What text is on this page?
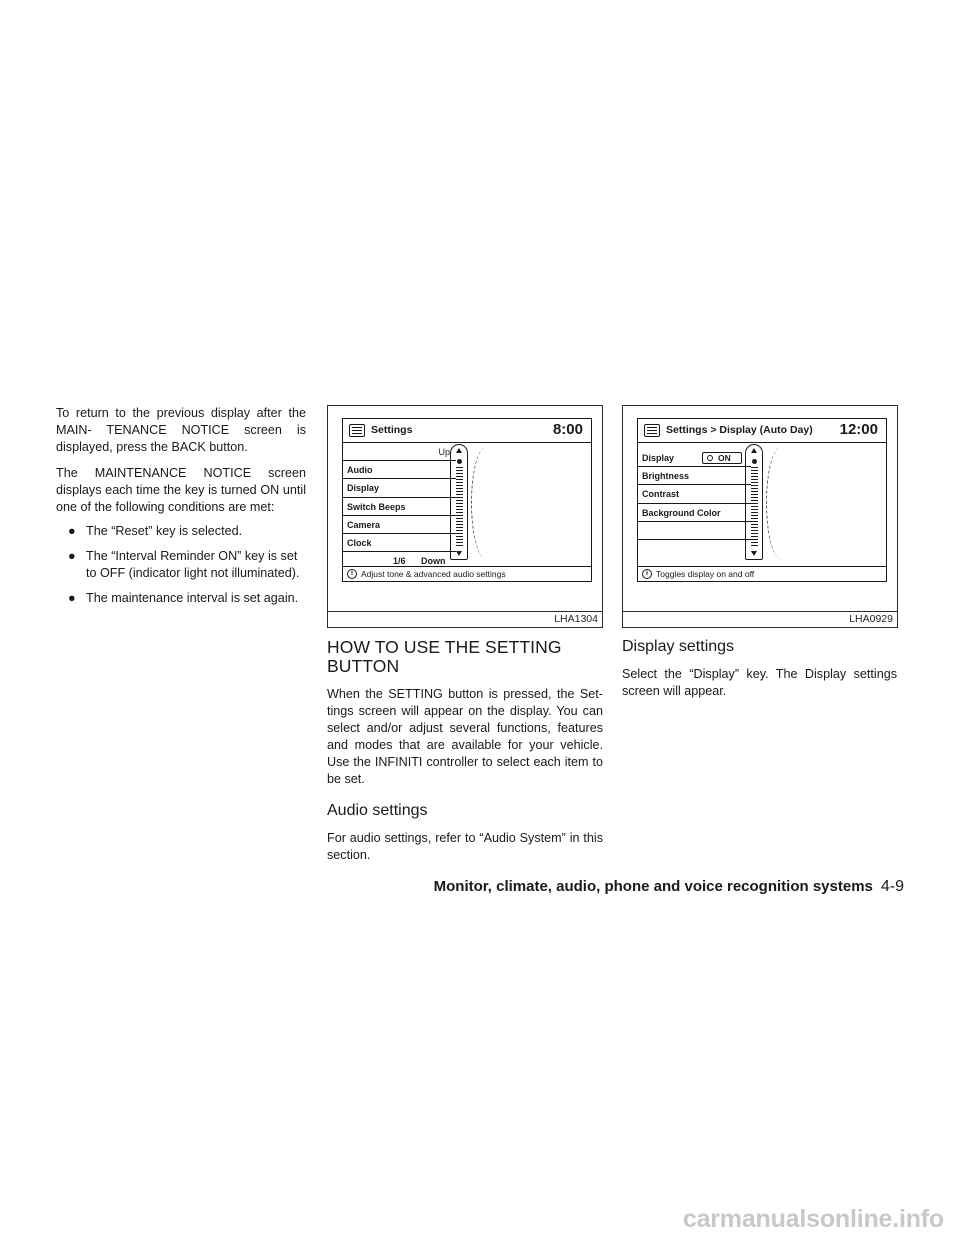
To return to the previous display after the MAIN- TENANCE NOTICE screen is displayed, press the BACK button.

The MAINTENANCE NOTICE screen displays each time the key is turned ON until one of the following conditions are met:

● The “Reset” key is selected.
● The “Interval Reminder ON” key is set to OFF (indicator light not illuminated).
● The maintenance interval is set again.
Settings	8:00
Up
Audio
Display
Switch Beeps
Camera
Clock
1/6 Down
i Adjust tone & advanced audio settings
LHA1304
Settings > Display (Auto Day) 12:00
Display	ON
Brightness
Contrast
Background Color
i Toggles display on and off
LHA0929
HOW TO USE THE SETTING BUTTON

When the SETTING button is pressed, the Set- tings screen will appear on the display. You can select and/or adjust several functions, features and modes that are available for your vehicle. Use the INFINITI controller to select each item to be set.

Audio settings

For audio settings, refer to “Audio System” in this section.

Display settings

Select the “Display” key. The Display settings screen will appear.

Monitor, climate, audio, phone and voice recognition systems 4-9
carmanualsonline.info
